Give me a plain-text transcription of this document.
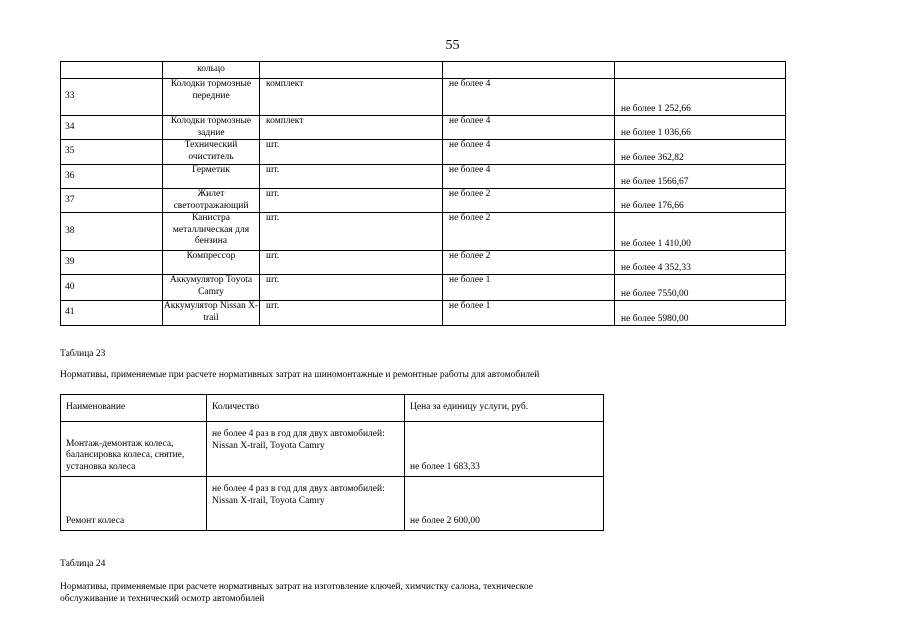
55
	кольцо			
33	Колодки тормозные передние	комплект	не более 4	не более 1 252,66
34	Колодки тормозные задние	комплект	не более 4	не более 1 036,66
35	Технический очиститель	шт.	не более 4	не более 362,82
36	Герметик	шт.	не более 4	не более 1566,67
37	Жилет светоотражающий	шт.	не более 2	не более 176,66
38	Канистра металлическая для бензина	шт.	не более 2	не более 1 410,00
39	Компрессор	шт.	не более 2	не более 4 352,33
40	Аккумулятор Toyota Camry	шт.	не более 1	не более 7550,00
41	Аккумулятор Nissan X-trail	шт.	не более 1	не более 5980,00
Таблица 23
Нормативы, применяемые при расчете нормативных затрат на шиномонтажные и ремонтные работы для автомобилей
Наименование	Количество	Цена за единицу услуги, руб.
Монтаж-демонтаж колеса, балансировка колеса, снятие, установка колеса	не более 4 раз в год для двух автомобилей: Nissan X-trail, Toyota Camry	не более 1 683,33
Ремонт колеса	не более 4 раз в год для двух автомобилей: Nissan X-trail, Toyota Camry	не более 2 600,00
Таблица 24
Нормативы, применяемые при расчете нормативных затрат на изготовление ключей, химчистку салона, техническое обслуживание и технический осмотр автомобилей
